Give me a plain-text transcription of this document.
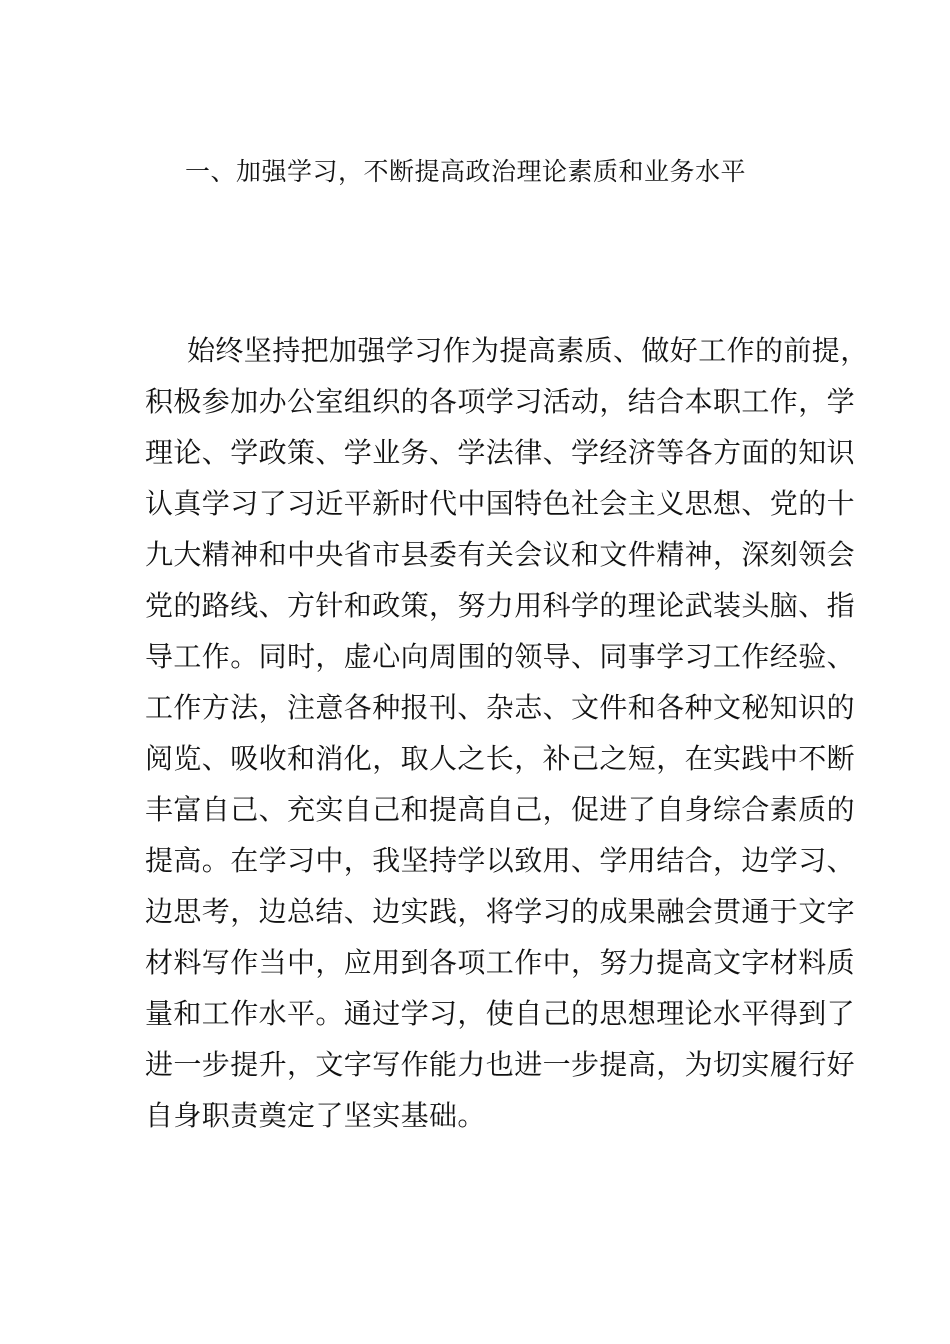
一、加强学习，不断提高政治理论素质和业务水平
始终坚持把加强学习作为提高素质、做好工作的前提，
积极参加办公室组织的各项学习活动，结合本职工作，学
理论、学政策、学业务、学法律、学经济等各方面的知识
认真学习了习近平新时代中国特色社会主义思想、党的十
九大精神和中央省市县委有关会议和文件精神，深刻领会
党的路线、方针和政策，努力用科学的理论武装头脑、指
导工作。同时，虚心向周围的领导、同事学习工作经验、
工作方法，注意各种报刊、杂志、文件和各种文秘知识的
阅览、吸收和消化，取人之长，补己之短，在实践中不断
丰富自己、充实自己和提高自己，促进了自身综合素质的
提高。在学习中，我坚持学以致用、学用结合，边学习、
边思考，边总结、边实践，将学习的成果融会贯通于文字
材料写作当中，应用到各项工作中，努力提高文字材料质
量和工作水平。通过学习，使自己的思想理论水平得到了
进一步提升，文字写作能力也进一步提高，为切实履行好
自身职责奠定了坚实基础。
